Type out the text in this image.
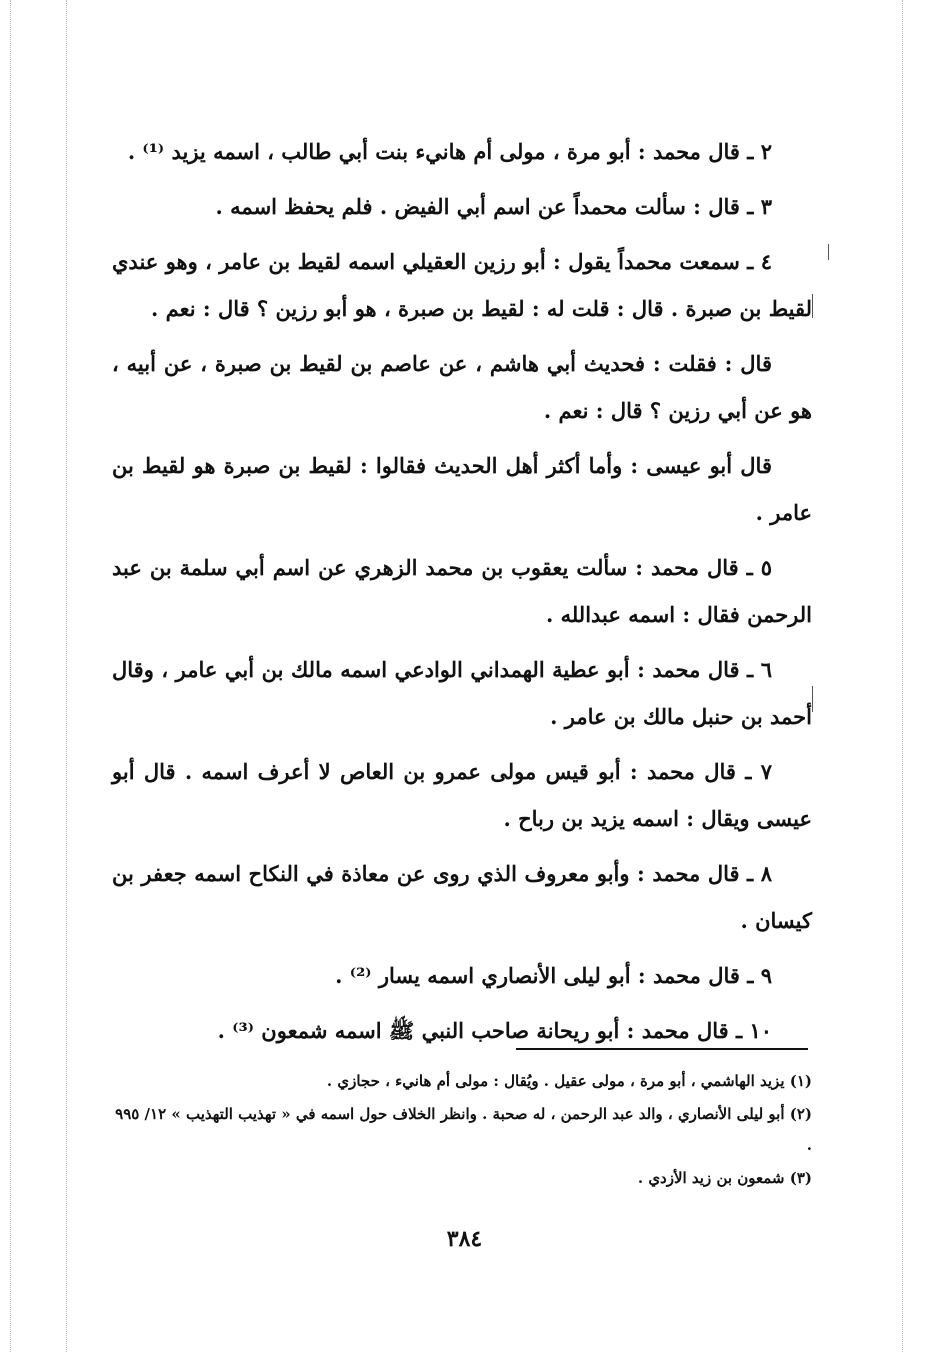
٢ ـ قال محمد : أبو مرة ، مولى أم هانيء بنت أبي طالب ، اسمه يزيد ⁽¹⁾ .

٣ ـ قال : سألت محمداً عن اسم أبي الفيض . فلم يحفظ اسمه .

٤ ـ سمعت محمداً يقول : أبو رزين العقيلي اسمه لقيط بن عامر ، وهو عندي لقيط بن صبرة . قال : قلت له : لقيط بن صبرة ، هو أبو رزين ؟ قال : نعم .

قال : فقلت : فحديث أبي هاشم ، عن عاصم بن لقيط بن صبرة ، عن أبيه ، هو عن أبي رزين ؟ قال : نعم .

قال أبو عيسى : وأما أكثر أهل الحديث فقالوا : لقيط بن صبرة هو لقيط بن عامر .

٥ ـ قال محمد : سألت يعقوب بن محمد الزهري عن اسم أبي سلمة بن عبد الرحمن فقال : اسمه عبدالله .

٦ ـ قال محمد : أبو عطية الهمداني الوادعي اسمه مالك بن أبي عامر ، وقال أحمد بن حنبل مالك بن عامر .

٧ ـ قال محمد : أبو قيس مولى عمرو بن العاص لا أعرف اسمه . قال أبو عيسى ويقال : اسمه يزيد بن رباح .

٨ ـ قال محمد : وأبو معروف الذي روى عن معاذة في النكاح اسمه جعفر بن كيسان .

٩ ـ قال محمد : أبو ليلى الأنصاري اسمه يسار ⁽²⁾ .

١٠ ـ قال محمد : أبو ريحانة صاحب النبي ﷺ اسمه شمعون ⁽³⁾ .

(١) يزيد الهاشمي ، أبو مرة ، مولى عقيل . ويُقال : مولى أم هانيء ، حجازي .

(٢) أبو ليلى الأنصاري ، والد عبد الرحمن ، له صحبة . وانظر الخلاف حول اسمه في « تهذيب التهذيب » ١٢/ ٩٩٥ .

(٣) شمعون بن زيد الأزدي .

٣٨٤
